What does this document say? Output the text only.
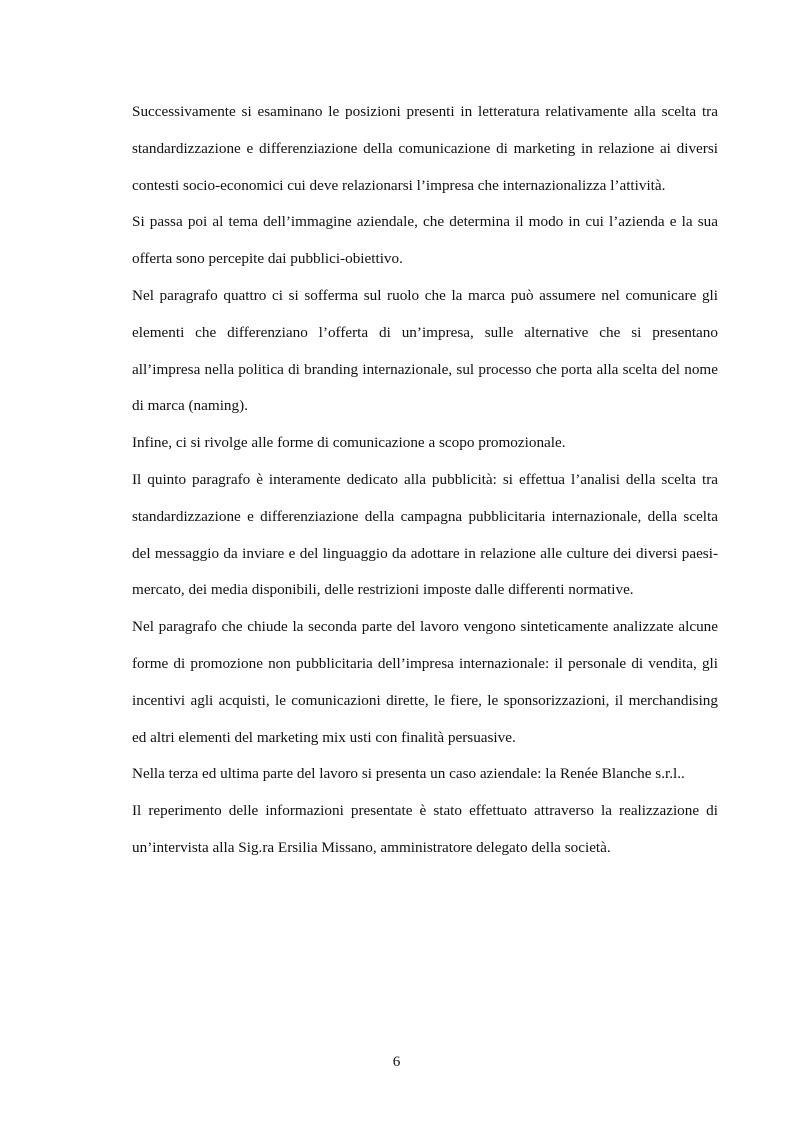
Successivamente si esaminano le posizioni presenti in letteratura relativamente alla scelta tra standardizzazione e differenziazione della comunicazione di marketing in relazione ai diversi contesti socio-economici cui deve relazionarsi l’impresa che internazionalizza l’attività.

Si passa poi al tema dell’immagine aziendale, che determina il modo in cui l’azienda e la sua offerta sono percepite dai pubblici-obiettivo.

Nel paragrafo quattro ci si sofferma sul ruolo che la marca può assumere nel comunicare gli elementi che differenziano l’offerta di un’impresa, sulle alternative che si presentano all’impresa nella politica di branding internazionale, sul processo che porta alla scelta del nome di marca (naming).

Infine, ci si rivolge alle forme di comunicazione a scopo promozionale.

Il quinto paragrafo è interamente dedicato alla pubblicità: si effettua l’analisi della scelta tra standardizzazione e differenziazione della campagna pubblicitaria internazionale, della scelta del messaggio da inviare e del linguaggio da adottare in relazione alle culture dei diversi paesi-mercato, dei media disponibili, delle restrizioni imposte dalle differenti normative.

Nel paragrafo che chiude la seconda parte del lavoro vengono sinteticamente analizzate alcune forme di promozione non pubblicitaria dell’impresa internazionale: il personale di vendita, gli incentivi agli acquisti, le comunicazioni dirette, le fiere, le sponsorizzazioni, il merchandising ed altri elementi del marketing mix usti con finalità persuasive.

Nella terza ed ultima parte del lavoro si presenta un caso aziendale: la Renée Blanche s.r.l..

Il reperimento delle informazioni presentate è stato effettuato attraverso la realizzazione di un’intervista alla Sig.ra Ersilia Missano, amministratore delegato della società.

6
